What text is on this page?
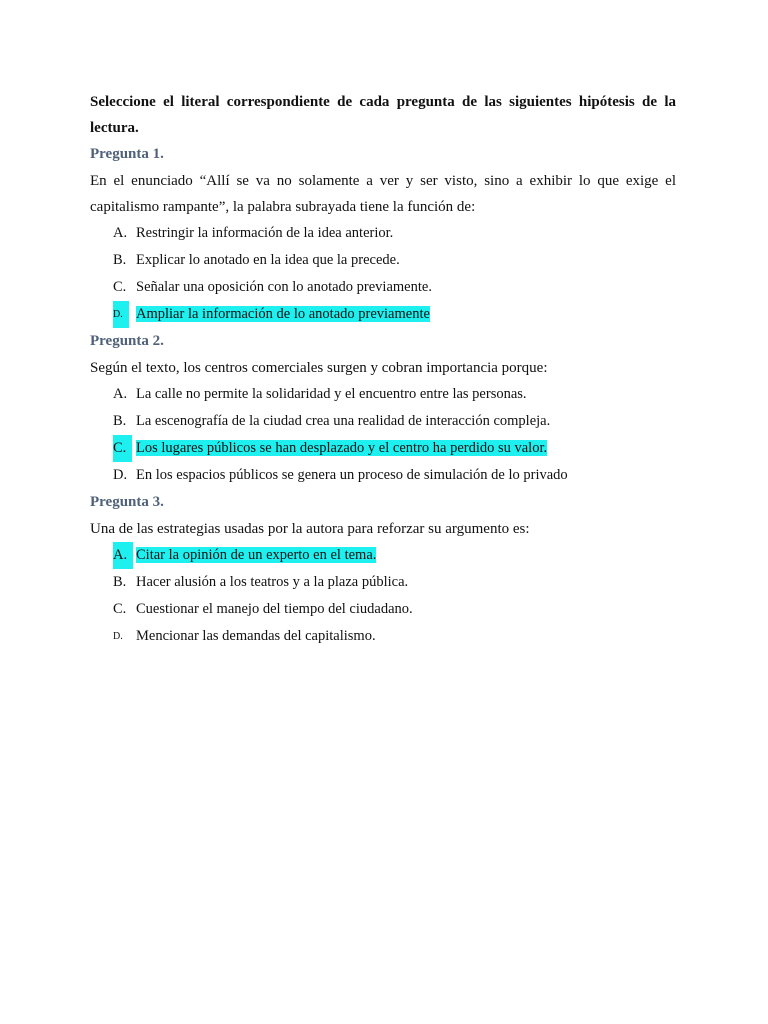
Seleccione el literal correspondiente de cada pregunta de las siguientes hipótesis de la lectura.

Pregunta 1.

En el enunciado “Allí se va no solamente a ver y ser visto, sino a exhibir lo que exige el capitalismo rampante”, la palabra subrayada tiene la función de:

A. Restringir la información de la idea anterior.
B. Explicar lo anotado en la idea que la precede.
C. Señalar una oposición con lo anotado previamente.
D. Ampliar la información de lo anotado previamente

Pregunta 2.

Según el texto, los centros comerciales surgen y cobran importancia porque:

A. La calle no permite la solidaridad y el encuentro entre las personas.
B. La escenografía de la ciudad crea una realidad de interacción compleja.
C. Los lugares públicos se han desplazado y el centro ha perdido su valor.
D. En los espacios públicos se genera un proceso de simulación de lo privado

Pregunta 3.

Una de las estrategias usadas por la autora para reforzar su argumento es:

A. Citar la opinión de un experto en el tema.
B. Hacer alusión a los teatros y a la plaza pública.
C. Cuestionar el manejo del tiempo del ciudadano.
D. Mencionar las demandas del capitalismo.
